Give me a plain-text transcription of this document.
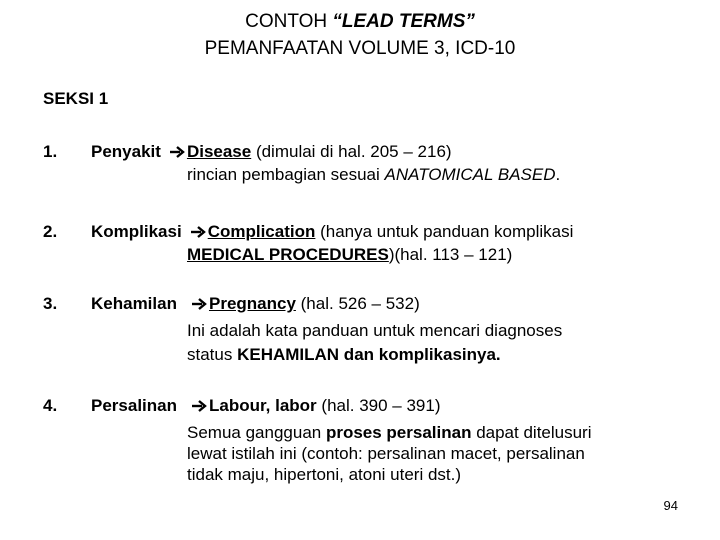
CONTOH “LEAD TERMS”
PEMANFAATAN VOLUME 3, ICD-10
SEKSI 1
1. Penyakit Disease (dimulai di hal. 205 – 216)
rincian pembagian sesuai ANATOMICAL BASED.
2. Komplikasi Complication (hanya untuk panduan komplikasi
MEDICAL PROCEDURES)(hal. 113 – 121)
3. Kehamilan Pregnancy (hal. 526 – 532)
Ini adalah kata panduan untuk mencari diagnoses
status KEHAMILAN dan komplikasinya.
4. Persalinan Labour, labor (hal. 390 – 391)
Semua gangguan proses persalinan dapat ditelusuri
lewat istilah ini (contoh: persalinan macet, persalinan
tidak maju, hipertoni, atoni uteri dst.)
94
